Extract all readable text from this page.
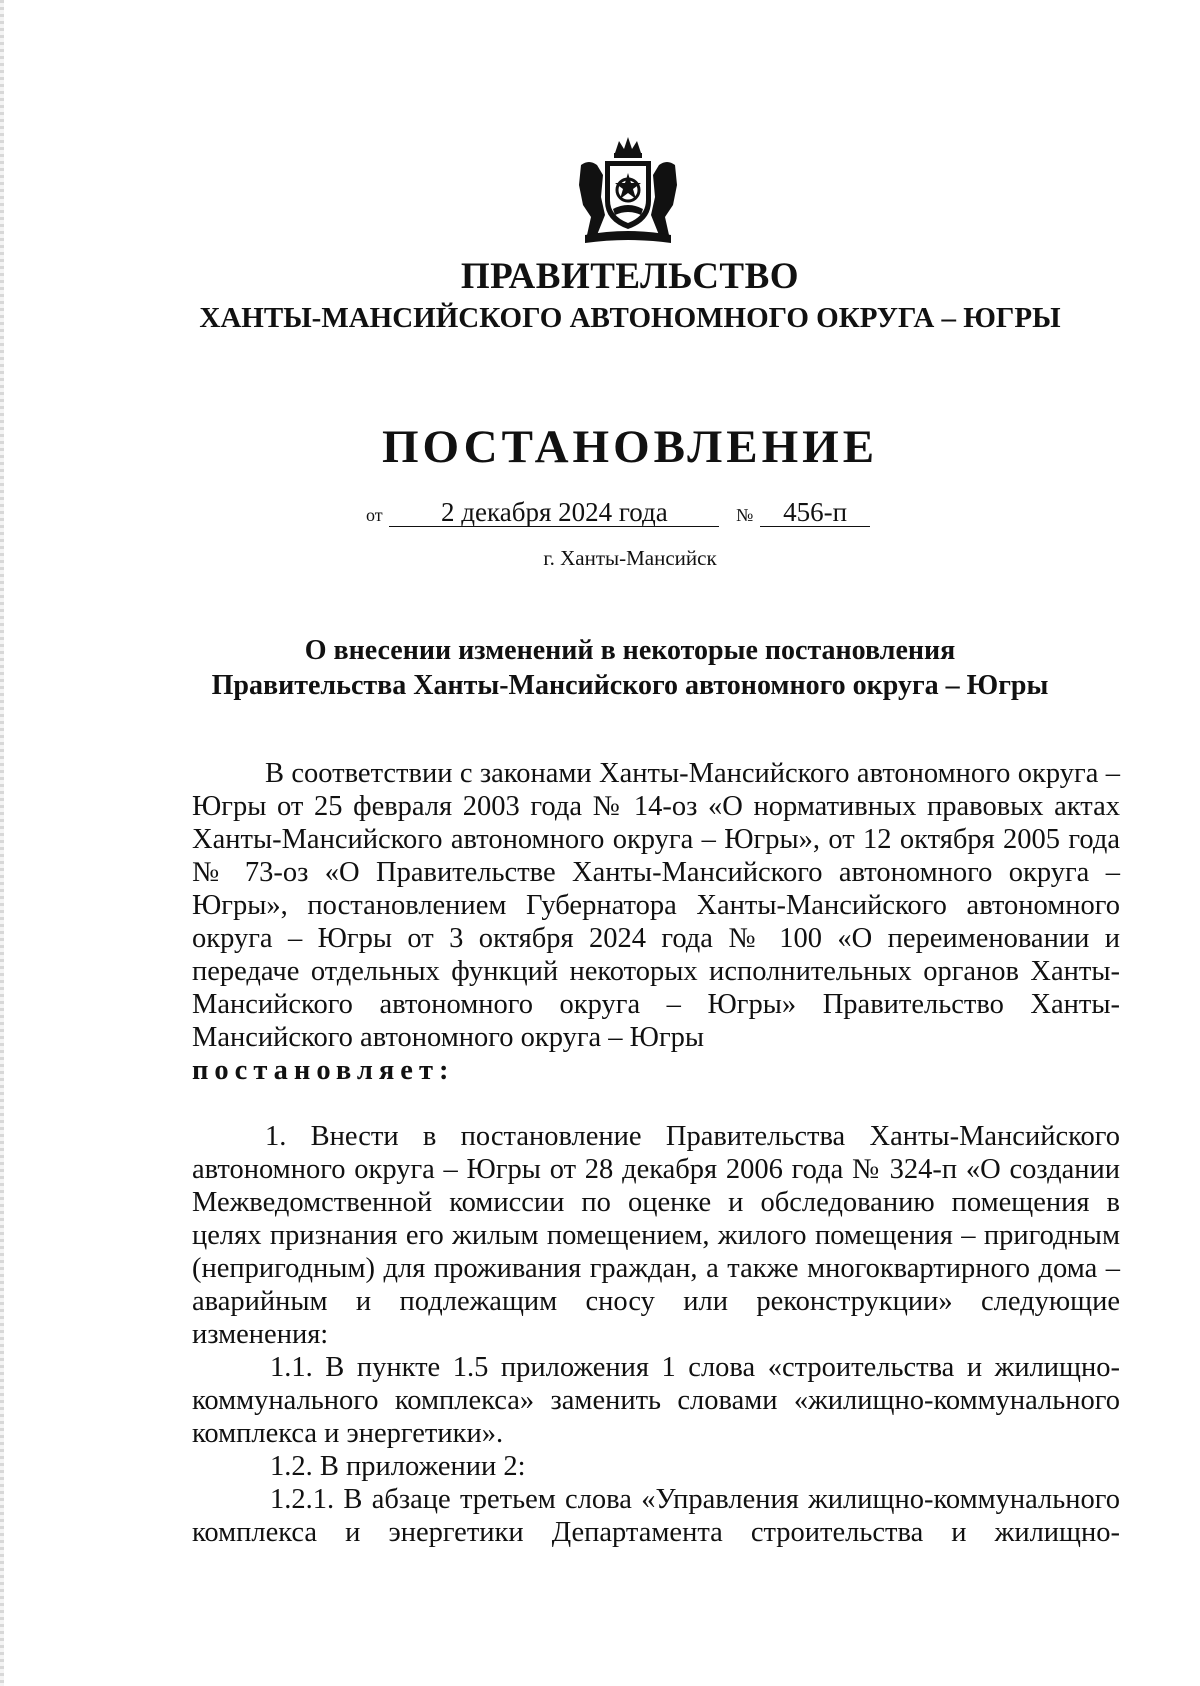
ПРАВИТЕЛЬСТВО
ХАНТЫ-МАНСИЙСКОГО АВТОНОМНОГО ОКРУГА – ЮГРЫ
ПОСТАНОВЛЕНИЕ
от 2 декабря 2024 года	№ 456-п
г. Ханты-Мансийск
О внесении изменений в некоторые постановления
Правительства Ханты-Мансийского автономного округа – Югры

В соответствии с законами Ханты-Мансийского автономного округа – Югры от 25 февраля 2003 года № 14-оз «О нормативных правовых актах Ханты-Мансийского автономного округа – Югры», от 12 октября 2005 года № 73-оз «О Правительстве Ханты-Мансийского автономного округа – Югры», постановлением Губернатора Ханты-Мансийского автономного округа – Югры от 3 октября 2024 года № 100 «О переименовании и передаче отдельных функций некоторых исполнительных органов Ханты-Мансийского автономного округа – Югры» Правительство Ханты-Мансийского автономного округа – Югры

постановляет:

1. Внести в постановление Правительства Ханты-Мансийского автономного округа – Югры от 28 декабря 2006 года № 324-п «О создании Межведомственной комиссии по оценке и обследованию помещения в целях признания его жилым помещением, жилого помещения – пригодным (непригодным) для проживания граждан, а также многоквартирного дома – аварийным и подлежащим сносу или реконструкции» следующие изменения:

1.1. В пункте 1.5 приложения 1 слова «строительства и жилищно-коммунального комплекса» заменить словами «жилищно-коммунального комплекса и энергетики».

1.2. В приложении 2:

1.2.1. В абзаце третьем слова «Управления жилищно-коммунального комплекса и энергетики Департамента строительства и жилищно-
